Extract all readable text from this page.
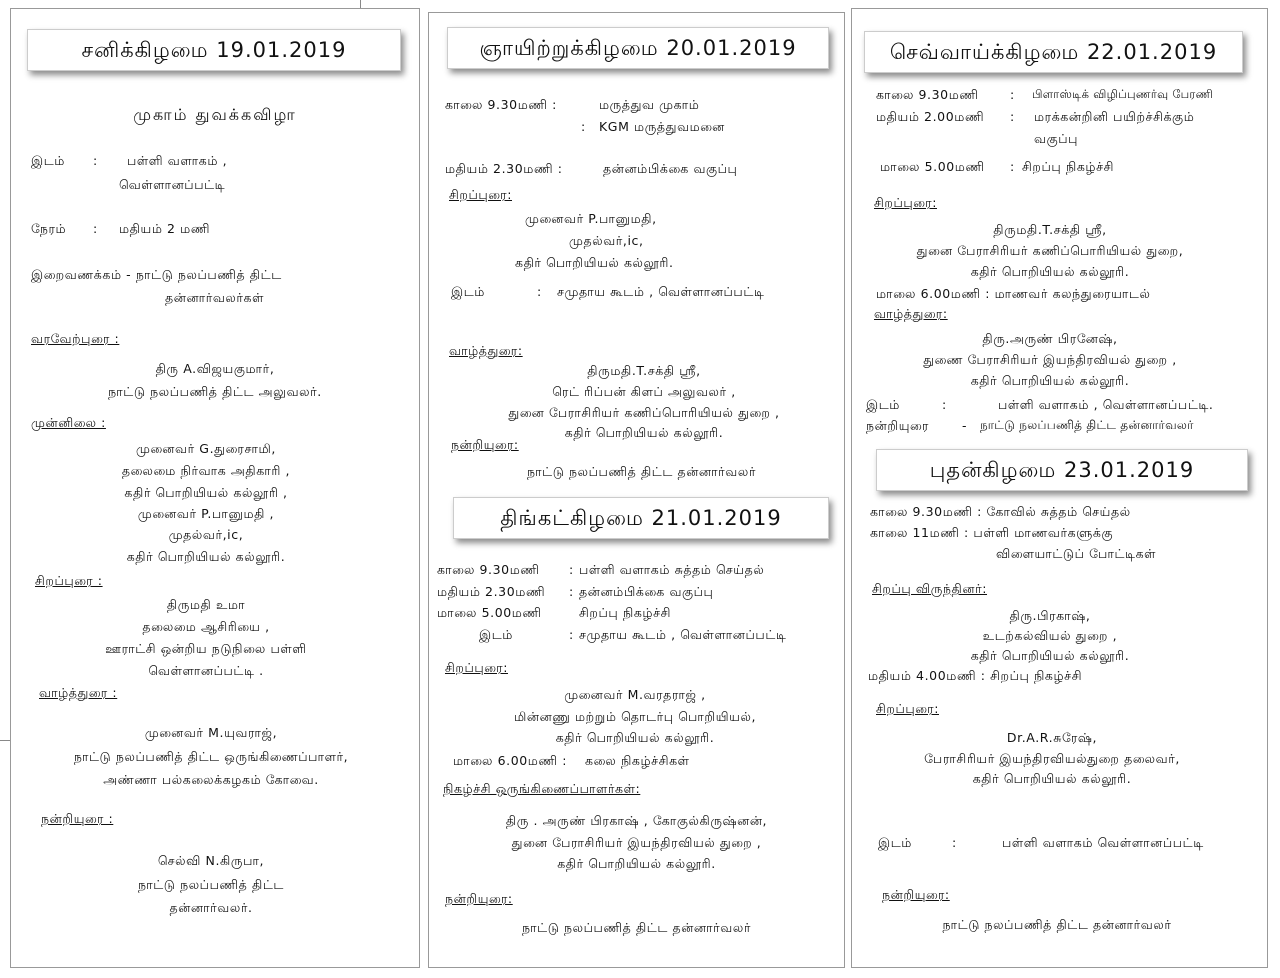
சனிக்கிழமை 19.01.2019
முகாம் துவக்கவிழா
இடம் : பள்ளி வளாகம் ,
வெள்ளானப்பட்டி
நேரம் : மதியம் 2 மணி
இறைவணக்கம் - நாட்டு நலப்பணித் திட்ட
தன்னார்வலர்கள்
வரவேற்புரை :
திரு A.விஜயகுமார்,
நாட்டு நலப்பணித் திட்ட அலுவலர்.
முன்னிலை :
முனைவர் G.துரைசாமி,
தலைமை நிர்வாக அதிகாரி ,
கதிர் பொறியியல் கல்லூரி ,
முனைவர் P.பானுமதி ,
முதல்வர்,ic,
கதிர் பொறியியல் கல்லூரி.
சிறப்புரை :
திருமதி உமா
தலைமை ஆசிரியை ,
ஊராட்சி ஒன்றிய நடுநிலை பள்ளி
வெள்ளானப்பட்டி .
வாழ்த்துரை :
முனைவர் M.யுவராஜ்,
நாட்டு நலப்பணித் திட்ட ஒருங்கிணைப்பாளர்,
அண்ணா பல்கலைக்கழகம் கோவை.
நன்றியுரை :
செல்வி N.கிருபா,
நாட்டு நலப்பணித் திட்ட
தன்னார்வலர்.
ஞாயிற்றுக்கிழமை 20.01.2019
காலை 9.30மணி :	மருத்துவ முகாம்
: KGM மருத்துவமனை
மதியம் 2.30மணி :	தன்னம்பிக்கை வகுப்பு
சிறப்புரை:
முனைவர் P.பானுமதி,
முதல்வர்,ic,
கதிர் பொறியியல் கல்லூரி.
இடம்	: சமுதாய கூடம் , வெள்ளானப்பட்டி
வாழ்த்துரை:
திருமதி.T.சக்தி ஸ்ரீ,
ரெட் ரிப்பன் கிளப் அலுவலர் ,
துனை பேராசிரியர் கணிப்பொரியியல் துறை ,
கதிர் பொறியியல் கல்லூரி.
நன்றியுரை:
நாட்டு நலப்பணித் திட்ட தன்னார்வலர்
திங்கட்கிழமை 21.01.2019
காலை 9.30மணி : பள்ளி வளாகம் சுத்தம் செய்தல்
மதியம் 2.30மணி : தன்னம்பிக்கை வகுப்பு
மாலை 5.00மணி	சிறப்பு நிகழ்ச்சி
இடம்	: சமுதாய கூடம் , வெள்ளானப்பட்டி
சிறப்புரை:
முனைவர் M.வரதராஜ் ,
மின்னணு மற்றும் தொடர்பு பொறியியல்,
கதிர் பொறியியல் கல்லூரி.
மாலை 6.00மணி : கலை நிகழ்ச்சிகள்
நிகழ்ச்சி ஒருங்கிணைப்பாளர்கள்:
திரு . அருண் பிரகாஷ் , கோகுல்கிருஷ்னன்,
துனை பேராசிரியர் இயந்திரவியல் துறை ,
கதிர் பொறியியல் கல்லூரி.
நன்றியுரை:
நாட்டு நலப்பணித் திட்ட தன்னார்வலர்
செவ்வாய்க்கிழமை 22.01.2019
காலை 9.30மணி	: பிளாஸ்டிக் விழிப்புணர்வு பேரணி
மதியம் 2.00மணி : மரக்கன்றினி பயிற்ச்சிக்கும்
வகுப்பு
மாலை 5.00மணி : சிறப்பு நிகழ்ச்சி
சிறப்புரை:
திருமதி.T.சக்தி ஸ்ரீ,
துனை பேராசிரியர் கணிப்பொரியியல் துறை,
கதிர் பொறியியல் கல்லூரி.
மாலை 6.00மணி : மாணவர் கலந்துரையாடல்
வாழ்த்துரை:
திரு.அருண் பிரனேஷ்,
துணை பேராசிரியர் இயந்திரவியல் துறை ,
கதிர் பொறியியல் கல்லூரி.
இடம்	:	பள்ளி வளாகம் , வெள்ளானப்பட்டி.
நன்றியுரை	- நாட்டு நலப்பணித் திட்ட தன்னார்வலர்
புதன்கிழமை 23.01.2019
காலை 9.30மணி : கோவில் சுத்தம் செய்தல்
காலை 11மணி : பள்ளி மாணவர்களுக்கு
விளையாட்டுப் போட்டிகள்
சிறப்பு விருந்தினர்:
திரு.பிரகாஷ்,
உடற்கல்வியல் துறை ,
கதிர் பொறியியல் கல்லூரி.
மதியம் 4.00மணி : சிறப்பு நிகழ்ச்சி
சிறப்புரை:
Dr.A.R.சுரேஷ்,
பேராசிரியர் இயந்திரவியல்துறை தலைவர்,
கதிர் பொறியியல் கல்லூரி.
இடம்	:	பள்ளி வளாகம் வெள்ளானப்பட்டி
நன்றியுரை:
நாட்டு நலப்பணித் திட்ட தன்னார்வலர்
